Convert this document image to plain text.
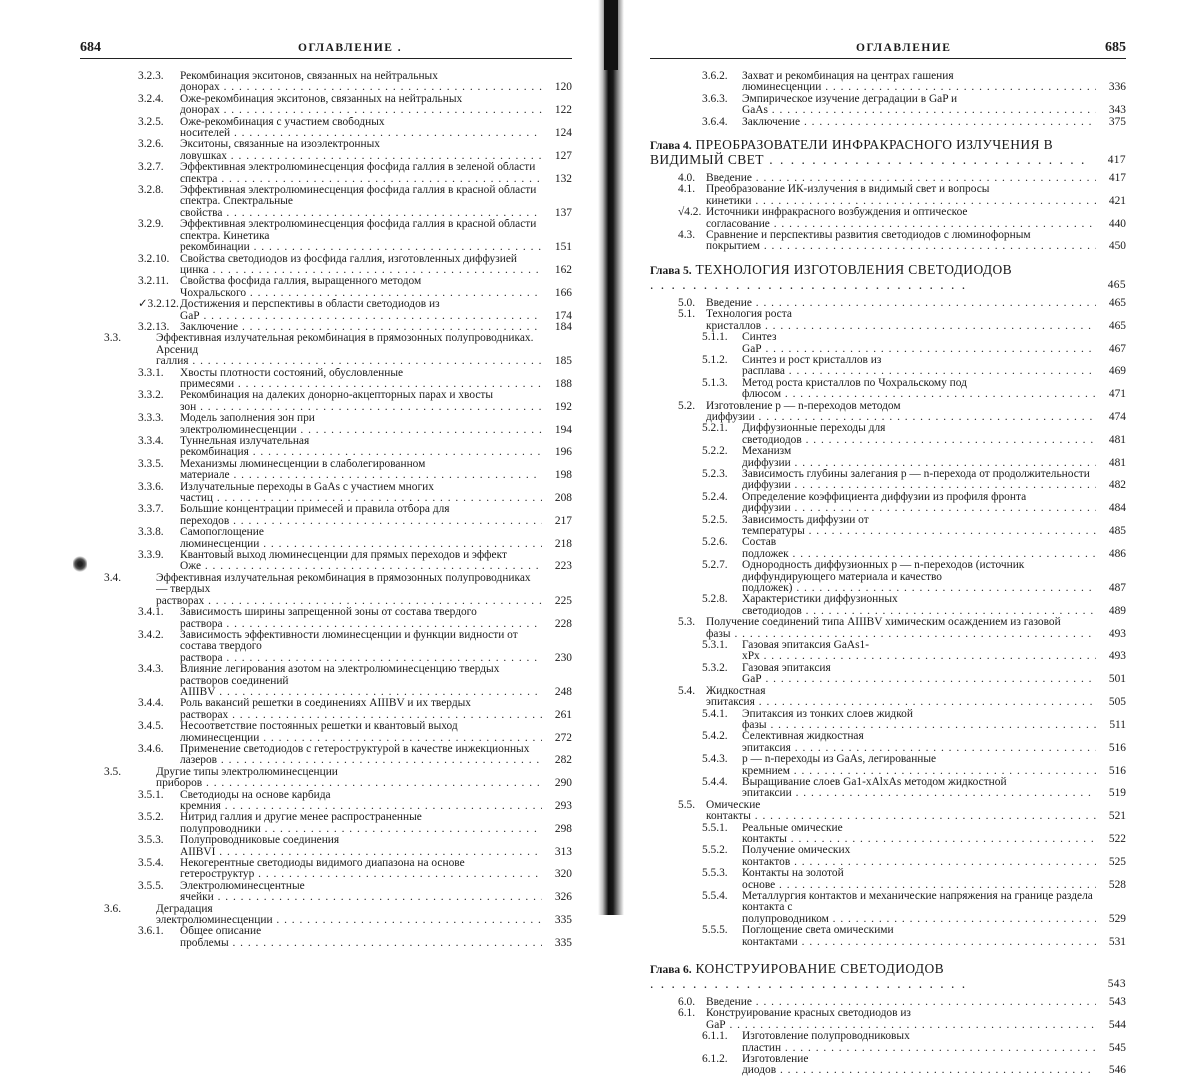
684	ОГЛАВЛЕНИЕ .
3.2.3. Рекомбинация экситонов, связанных на нейтральных донорах . . .	120
3.2.4. Оже-рекомбинация экситонов, связанных на нейтральных донорах . . .	122
3.2.5. Оже-рекомбинация с участием свободных носителей . . .	124
3.2.6. Экситоны, связанные на изоэлектронных ловушках . . .	127
3.2.7. Эффективная электролюминесценция фосфида галлия в зеленой области спектра . . .	132
3.2.8. Эффективная электролюминесценция фосфида галлия в красной области спектра. Спектральные свойства . . .	137
3.2.9. Эффективная электролюминесценция фосфида галлия в красной области спектра. Кинетика рекомбинации . . .	151
3.2.10. Свойства светодиодов из фосфида галлия, изготовленных диффузией цинка . . .	162
3.2.11. Свойства фосфида галлия, выращенного методом Чохральского . . .	166
✓3.2.12. Достижения и перспективы в области светодиодов из GaP . . .	174
3.2.13. Заключение . . .	184
3.3.	Эффективная излучательная рекомбинация в прямозонных полупроводниках. Арсенид галлия . . .	185
3.3.1. Хвосты плотности состояний, обусловленные примесями . . .	188
3.3.2. Рекомбинация на далеких донорно-акцепторных парах и хвосты зон . . .	192
3.3.3. Модель заполнения зон при электролюминесценции . . .	194
3.3.4. Туннельная излучательная рекомбинация . . .	196
3.3.5. Механизмы люминесценции в слаболегированном материале . . .	198
3.3.6. Излучательные переходы в GaAs с участием многих частиц . . .	208
3.3.7. Большие концентрации примесей и правила отбора для переходов . . .	217
3.3.8. Самопоглощение люминесценции . . .	218
3.3.9. Квантовый выход люминесценции для прямых переходов и эффект Оже . . .	223
3.4.	Эффективная излучательная рекомбинация в прямозонных полупроводниках — твердых растворах . . .	225
3.4.1. Зависимость ширины запрещенной зоны от состава твердого раствора . . .	228
3.4.2. Зависимость эффективности люминесценции и функции видности от состава твердого раствора . . .	230
3.4.3. Влияние легирования азотом на электролюминесценцию твердых растворов соединений AIIIBV . . .	248
3.4.4. Роль вакансий решетки в соединениях AIIIBV и их твердых растворах . . .	261
3.4.5. Несоответствие постоянных решетки и квантовый выход люминесценции . . .	272
3.4.6. Применение светодиодов с гетероструктурой в качестве инжекционных лазеров . . .	282
3.5.	Другие типы электролюминесценции приборов . . .	290
3.5.1. Светодиоды на основе карбида кремния . . .	293
3.5.2. Нитрид галлия и другие менее распространенные полупроводники . . .	298
3.5.3. Полупроводниковые соединения AIIBVI . . .	313
3.5.4. Некогерентные светодиоды видимого диапазона на основе гетероструктур . . .	320
3.5.5. Электролюминесцентные ячейки . . .	326
3.6.	Деградация электролюминесценции . . .	335
3.6.1. Общее описание проблемы . . .	335
ОГЛАВЛЕНИЕ	685
3.6.2. Захват и рекомбинация на центрах гашения люминесценции . . .	336
3.6.3. Эмпирическое изучение деградации в GaP и GaAs . . .	343
3.6.4. Заключение . . .	375
Глава 4. ПРЕОБРАЗОВАТЕЛИ ИНФРАКРАСНОГО ИЗЛУЧЕНИЯ В ВИДИМЫЙ СВЕТ . . .	417
4.0. Введение . . .	417
4.1. Преобразование ИК-излучения в видимый свет и вопросы кинетики . . .	421
√4.2. Источники инфракрасного возбуждения и оптическое согласование . . .	440
4.3. Сравнение и перспективы развития светодиодов с люминофорным покрытием . . .	450
Глава 5. ТЕХНОЛОГИЯ ИЗГОТОВЛЕНИЯ СВЕТОДИОДОВ . . .
465
5.0. Введение . . .	465
5.1. Технология роста кристаллов . . .	465
5.1.1. Синтез GaP . . .	467
5.1.2. Синтез и рост кристаллов из расплава . . .	469
5.1.3. Метод роста кристаллов по Чохральскому под флюсом . . .	471
5.2. Изготовление p — n-переходов методом диффузии . . .	474
5.2.1. Диффузионные переходы для светодиодов . . .	481
5.2.2. Механизм диффузии . . .	481
5.2.3. Зависимость глубины залегания p — n-перехода от продолжительности диффузии . . .	482
5.2.4. Определение коэффициента диффузии из профиля фронта диффузии . . .	484
5.2.5. Зависимость диффузии от температуры . . .	485
5.2.6. Состав подложек . . .	486
5.2.7. Однородность диффузионных p — n-переходов (источник диффундирующего материала и качество подложек) . . .	487
5.2.8. Характеристики диффузионных светодиодов . . .	489
5.3. Получение соединений типа AIIIBV химическим осаждением из газовой фазы . . .	493
5.3.1. Газовая эпитаксия GaAs1-xPx . . .	493
5.3.2. Газовая эпитаксия GaP . . .	501
5.4. Жидкостная эпитаксия . . .	505
5.4.1. Эпитаксия из тонких слоев жидкой фазы . . .	511
5.4.2. Селективная жидкостная эпитаксия . . .	516
5.4.3. p — n-переходы из GaAs, легированные кремнием . . .	516
5.4.4. Выращивание слоев Ga1-xAlxAs методом жидкостной эпитаксии . . .	519
5.5. Омические контакты . . .	521
5.5.1. Реальные омические контакты . . .	522
5.5.2. Получение омических контактов . . .	525
5.5.3. Контакты на золотой основе . . .	528
5.5.4. Металлургия контактов и механические напряжения на границе раздела контакта с полупроводником . . .	529
5.5.5. Поглощение света омическими контактами . . .	531
Глава 6. КОНСТРУИРОВАНИЕ СВЕТОДИОДОВ . . .
543
6.0. Введение . . .	543
6.1. Конструирование красных светодиодов из GaP . . .	544
6.1.1. Изготовление полупроводниковых пластин . . .	545
6.1.2. Изготовление диодов . . .	546
